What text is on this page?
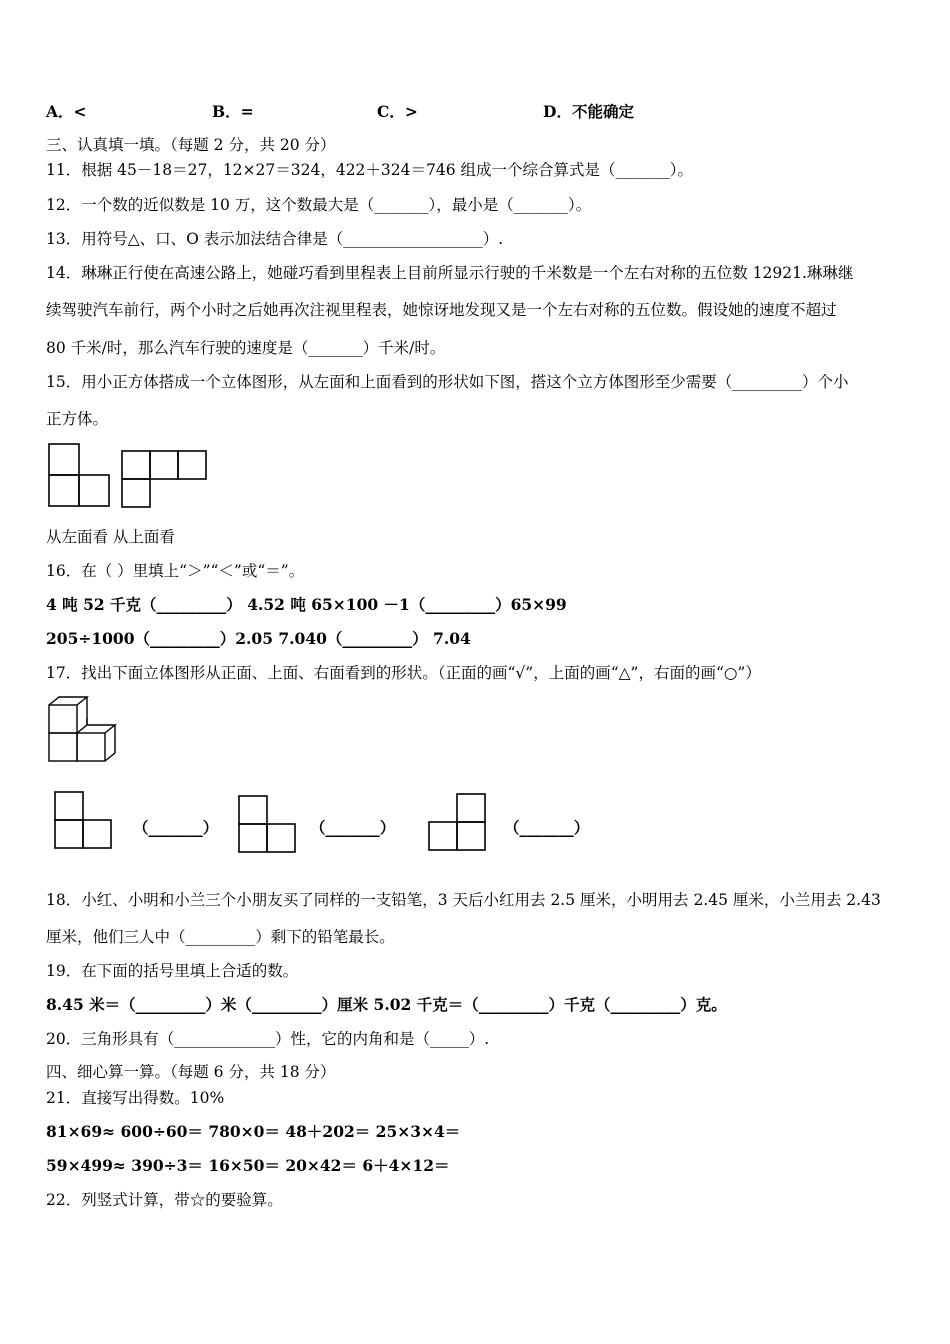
A．<	B．=	C．>	D．不能确定
三、认真填一填。（每题 2 分，共 20 分）
11．根据 45－18＝27，12×27＝324，422＋324＝746 组成一个综合算式是（_______）。
12．一个数的近似数是 10 万，这个数最大是（_______），最小是（_______）。
13．用符号△、口、O 表示加法结合律是（__________________）.
14．琳琳正行使在高速公路上，她碰巧看到里程表上目前所显示行驶的千米数是一个左右对称的五位数 12921.琳琳继
续驾驶汽车前行，两个小时之后她再次注视里程表，她惊讶地发现又是一个左右对称的五位数。假设她的速度不超过
80 千米/时，那么汽车行驶的速度是（_______）千米/时。
15．用小正方体搭成一个立体图形，从左面和上面看到的形状如下图，搭这个立方体图形至少需要（_________）个小
正方体。
从左面看 从上面看
16．在（ ）里填上“＞”“＜”或“＝”。
4 吨 52 千克（_________） 4.52 吨 65×100 －1（_________）65×99
205÷1000（_________）2.05 7.040（_________） 7.04
17．找出下面立体图形从正面、上面、右面看到的形状。（正面的画“√”，上面的画“△”，右面的画“○”）
（_______）	（_______）	（_______）
18．小红、小明和小兰三个小朋友买了同样的一支铅笔，3 天后小红用去 2.5 厘米，小明用去 2.45 厘米，小兰用去 2.43
厘米，他们三人中（_________）剩下的铅笔最长。
19．在下面的括号里填上合适的数。
8.45 米＝（_________）米（_________）厘米 5.02 千克＝（_________）千克（_________）克。
20．三角形具有（_____________）性，它的内角和是（_____）.
四、细心算一算。（每题 6 分，共 18 分）
21．直接写出得数。10%
81×69≈ 600÷60＝ 780×0＝ 48＋202＝ 25×3×4＝
59×499≈ 390÷3＝ 16×50＝ 20×42＝ 6＋4×12＝
22．列竖式计算，带☆的要验算。
